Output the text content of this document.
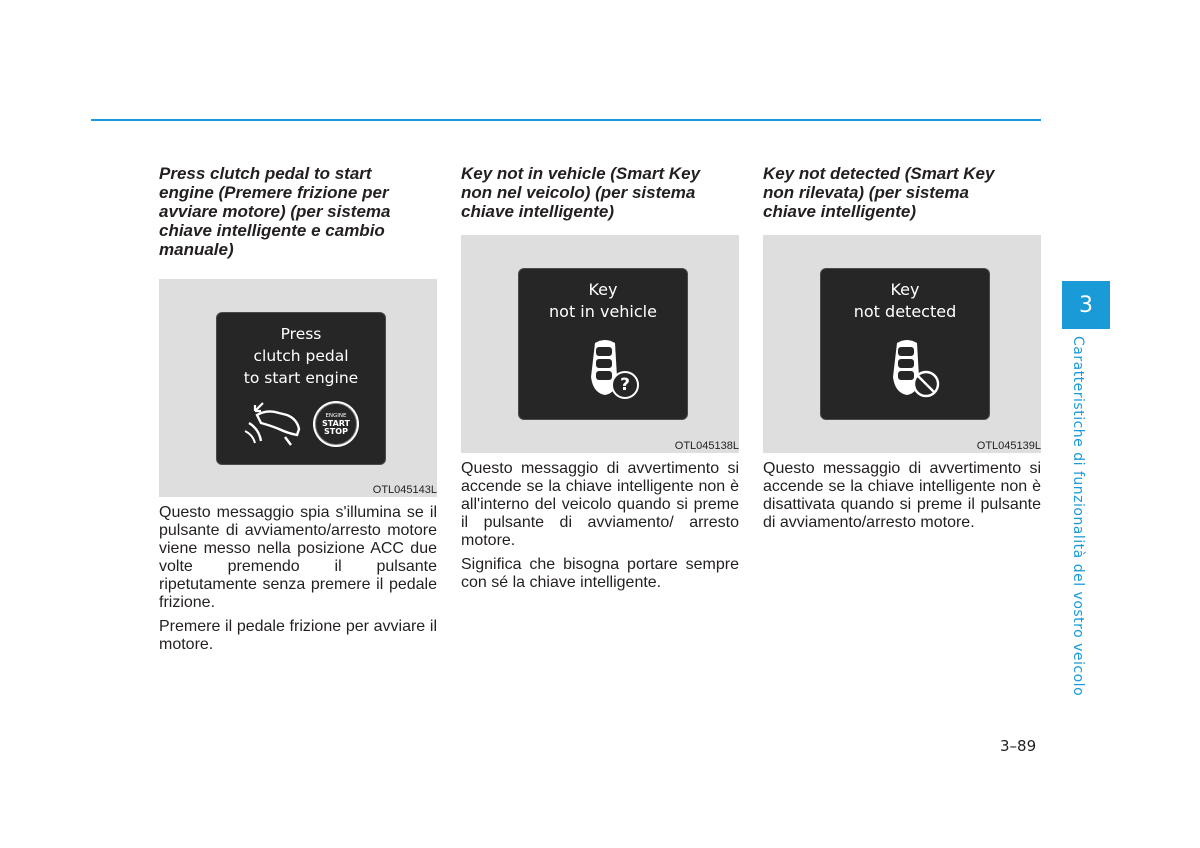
Press clutch pedal to start
engine (Premere frizione per
avviare motore) (per sistema
chiave intelligente e cambio
manuale)
Press
clutch pedal
to start engine
ENGINE
START
STOP
OTL045143L

Questo messaggio spia s'illumina se il pulsante di avviamento/arresto motore viene messo nella posizione ACC due volte premendo il pulsante ripetutamente senza premere il pedale frizione.

Premere il pedale frizione per avviare il motore.

Key not in vehicle (Smart Key
non nel veicolo) (per sistema
chiave intelligente)
Key
not in vehicle
?
OTL045138L

Questo messaggio di avvertimento si accende se la chiave intelligente non è all'interno del veicolo quando si preme il pulsante di avviamento/ arresto motore.

Significa che bisogna portare sempre con sé la chiave intelligente.

Key not detected (Smart Key
non rilevata) (per sistema
chiave intelligente)
Key
not detected
OTL045139L

Questo messaggio di avvertimento si accende se la chiave intelligente non è disattivata quando si preme il pulsante di avviamento/arresto motore.

3
Caratteristiche di funzionalità del vostro veicolo
3–89
